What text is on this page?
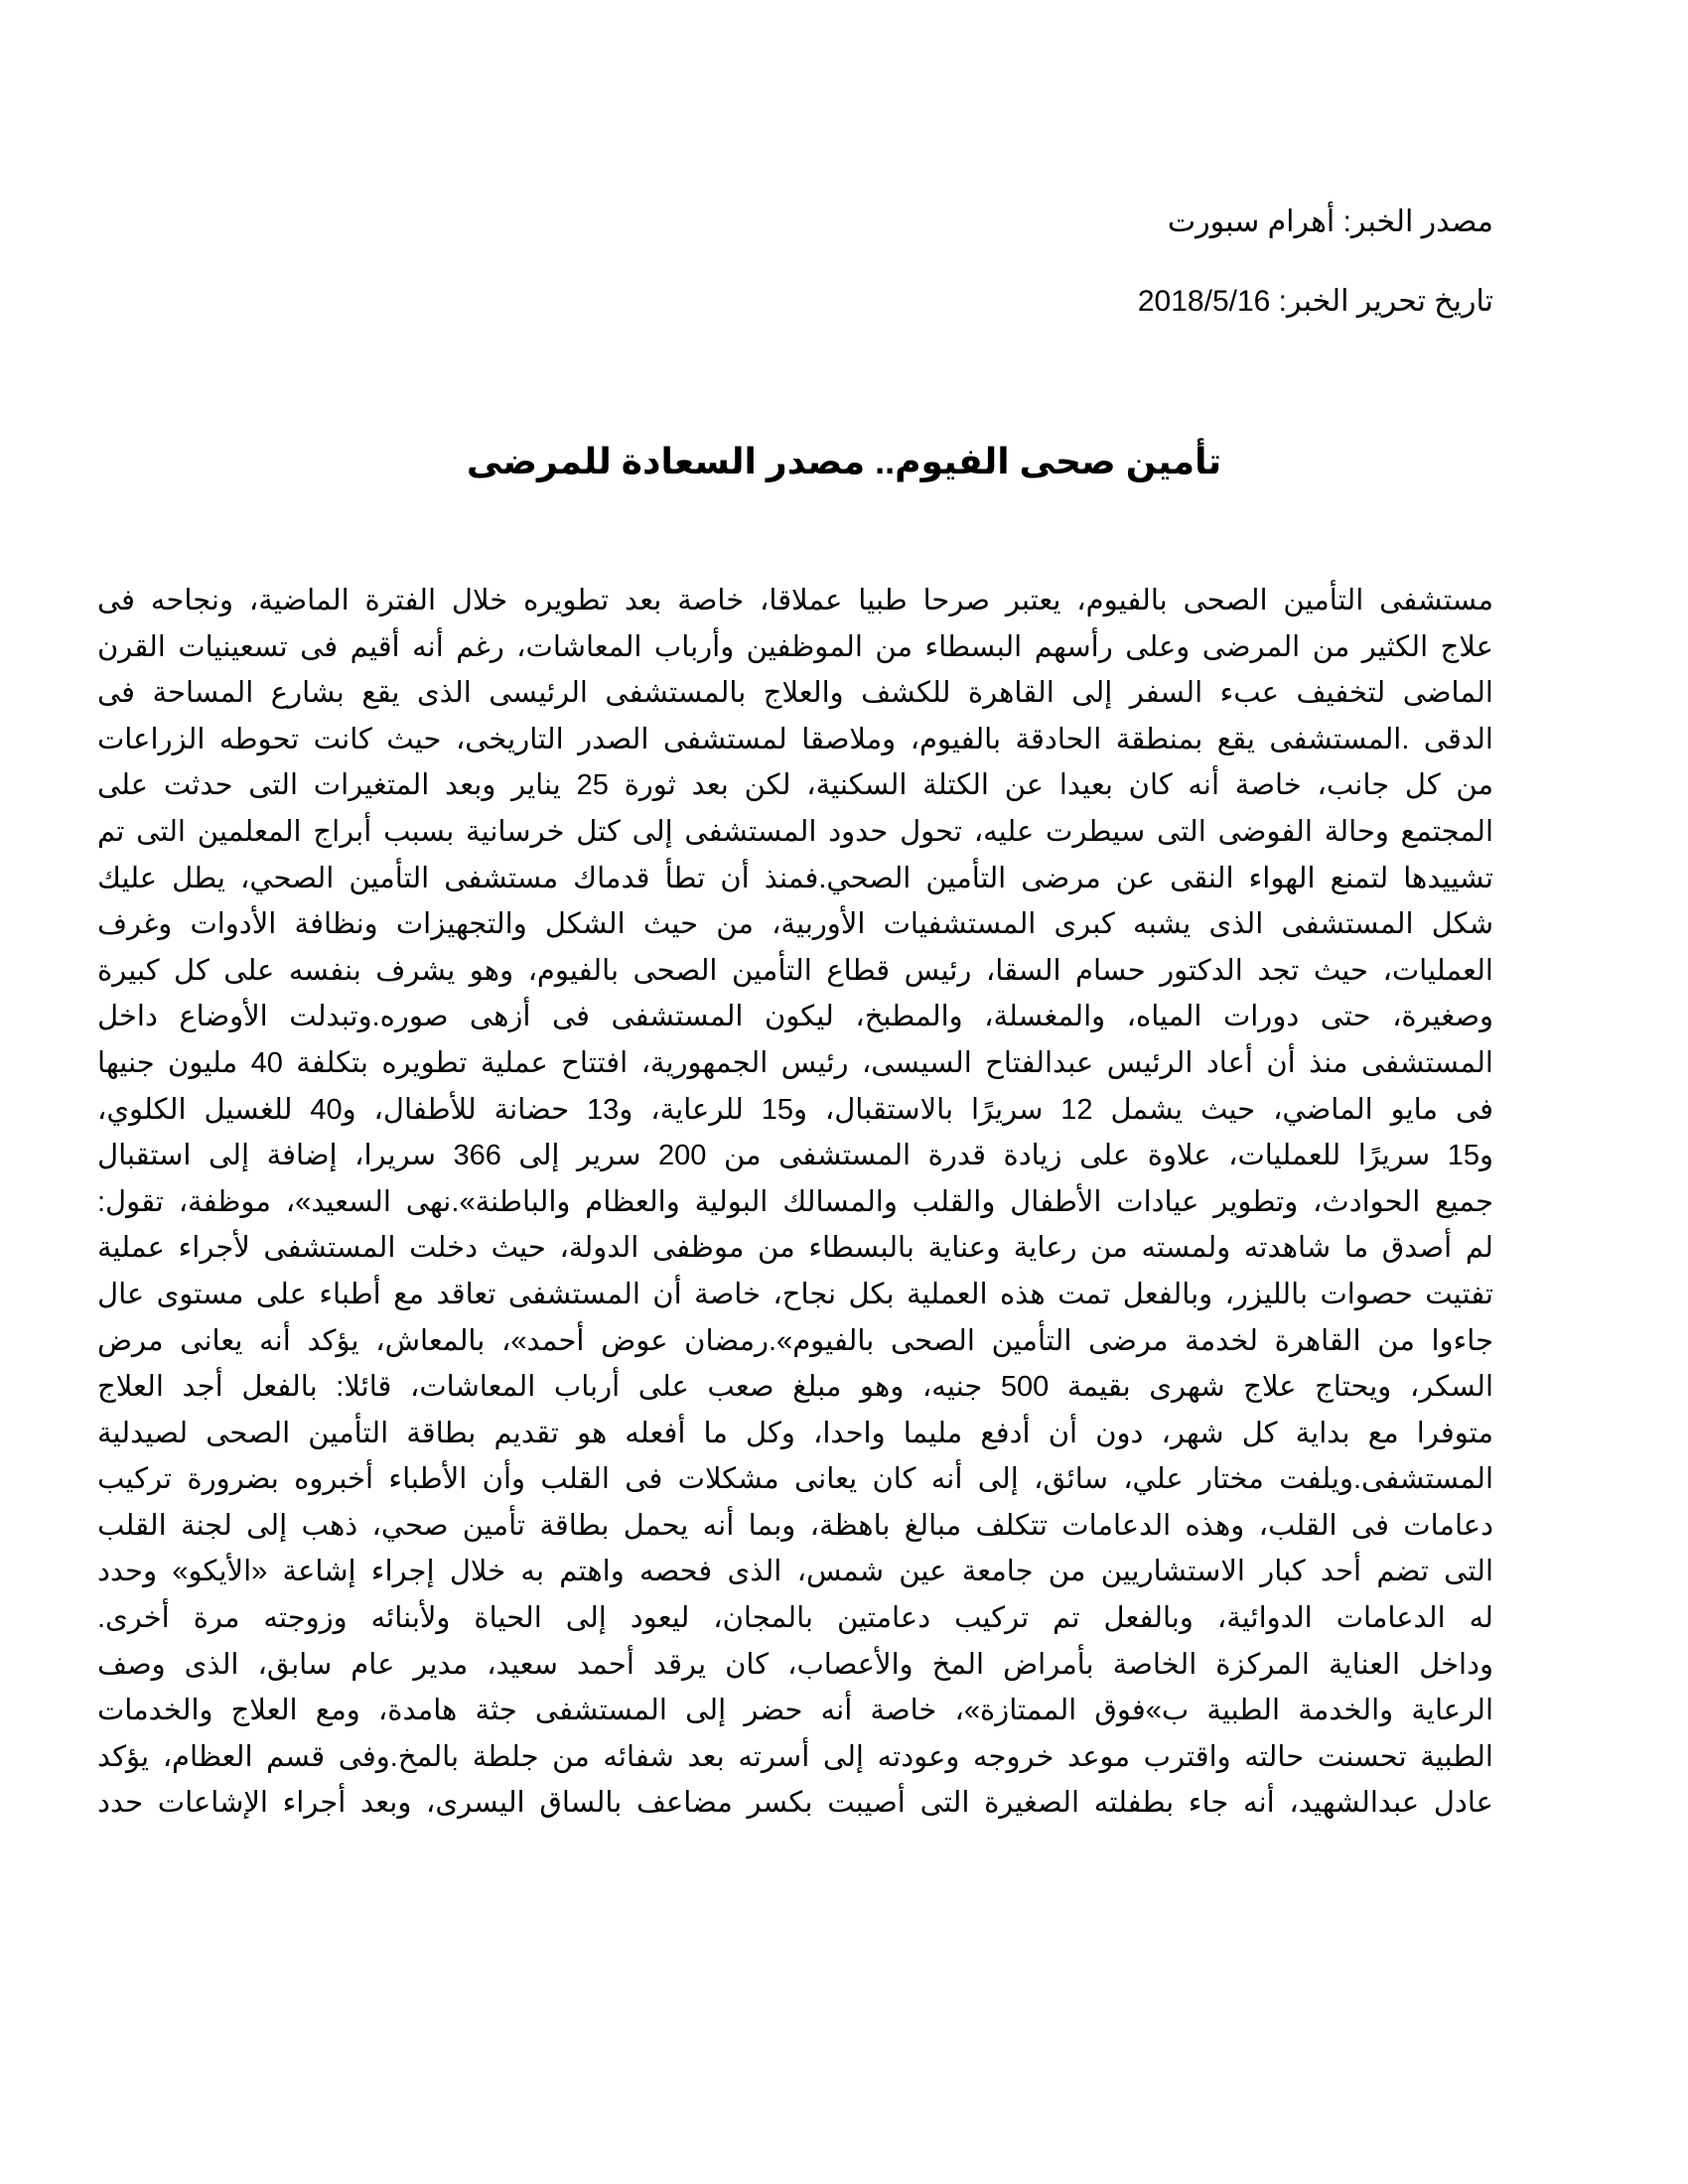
مصدر الخبر: أهرام سبورت
تاريخ تحرير الخبر: 2018/5/16
تأمين صحى الفيوم.. مصدر السعادة للمرضى
مستشفى التأمين الصحى بالفيوم، يعتبر صرحا طبيا عملاقا، خاصة بعد تطويره خلال الفترة الماضية، ونجاحه فى
علاج الكثير من المرضى وعلى رأسهم البسطاء من الموظفين وأرباب المعاشات، رغم أنه أقيم فى تسعينيات القرن
الماضى لتخفيف عبء السفر إلى القاهرة للكشف والعلاج بالمستشفى الرئيسى الذى يقع بشارع المساحة فى
الدقى .المستشفى يقع بمنطقة الحادقة بالفيوم، وملاصقا لمستشفى الصدر التاريخى، حيث كانت تحوطه الزراعات
من كل جانب، خاصة أنه كان بعيدا عن الكتلة السكنية، لكن بعد ثورة 25 يناير وبعد المتغيرات التى حدثت على
المجتمع وحالة الفوضى التى سيطرت عليه، تحول حدود المستشفى إلى كتل خرسانية بسبب أبراج المعلمين التى تم
تشييدها لتمنع الهواء النقى عن مرضى التأمين الصحي.فمنذ أن تطأ قدماك مستشفى التأمين الصحي، يطل عليك
شكل المستشفى الذى يشبه كبرى المستشفيات الأوربية، من حيث الشكل والتجهيزات ونظافة الأدوات وغرف
العمليات، حيث تجد الدكتور حسام السقا، رئيس قطاع التأمين الصحى بالفيوم، وهو يشرف بنفسه على كل كبيرة
وصغيرة، حتى دورات المياه، والمغسلة، والمطبخ، ليكون المستشفى فى أزهى صوره.وتبدلت الأوضاع داخل
المستشفى منذ أن أعاد الرئيس عبدالفتاح السيسى، رئيس الجمهورية، افتتاح عملية تطويره بتكلفة 40 مليون جنيها
فى مايو الماضي، حيث يشمل 12 سريرًا بالاستقبال، و15 للرعاية، و13 حضانة للأطفال، و40 للغسيل الكلوي،
و15 سريرًا للعمليات، علاوة على زيادة قدرة المستشفى من 200 سرير إلى 366 سريرا، إضافة إلى استقبال
جميع الحوادث، وتطوير عيادات الأطفال والقلب والمسالك البولية والعظام والباطنة».نهى السعيد»، موظفة، تقول:
لم أصدق ما شاهدته ولمسته من رعاية وعناية بالبسطاء من موظفى الدولة، حيث دخلت المستشفى لأجراء عملية
تفتيت حصوات بالليزر، وبالفعل تمت هذه العملية بكل نجاح، خاصة أن المستشفى تعاقد مع أطباء على مستوى عال
جاءوا من القاهرة لخدمة مرضى التأمين الصحى بالفيوم».رمضان عوض أحمد»، بالمعاش، يؤكد أنه يعانى مرض
السكر، ويحتاج علاج شهرى بقيمة 500 جنيه، وهو مبلغ صعب على أرباب المعاشات، قائلا: بالفعل أجد العلاج
متوفرا مع بداية كل شهر، دون أن أدفع مليما واحدا، وكل ما أفعله هو تقديم بطاقة التأمين الصحى لصيدلية
المستشفى.ويلفت مختار علي، سائق، إلى أنه كان يعانى مشكلات فى القلب وأن الأطباء أخبروه بضرورة تركيب
دعامات فى القلب، وهذه الدعامات تتكلف مبالغ باهظة، وبما أنه يحمل بطاقة تأمين صحي، ذهب إلى لجنة القلب
التى تضم أحد كبار الاستشاريين من جامعة عين شمس، الذى فحصه واهتم به خلال إجراء إشاعة «الأيكو» وحدد
له الدعامات الدوائية، وبالفعل تم تركيب دعامتين بالمجان، ليعود إلى الحياة ولأبنائه وزوجته مرة أخرى.
وداخل العناية المركزة الخاصة بأمراض المخ والأعصاب، كان يرقد أحمد سعيد، مدير عام سابق، الذى وصف
الرعاية والخدمة الطبية ب»فوق الممتازة»، خاصة أنه حضر إلى المستشفى جثة هامدة، ومع العلاج والخدمات
الطبية تحسنت حالته واقترب موعد خروجه وعودته إلى أسرته بعد شفائه من جلطة بالمخ.وفى قسم العظام، يؤكد
عادل عبدالشهيد، أنه جاء بطفلته الصغيرة التى أصيبت بكسر مضاعف بالساق اليسرى، وبعد أجراء الإشاعات حدد
